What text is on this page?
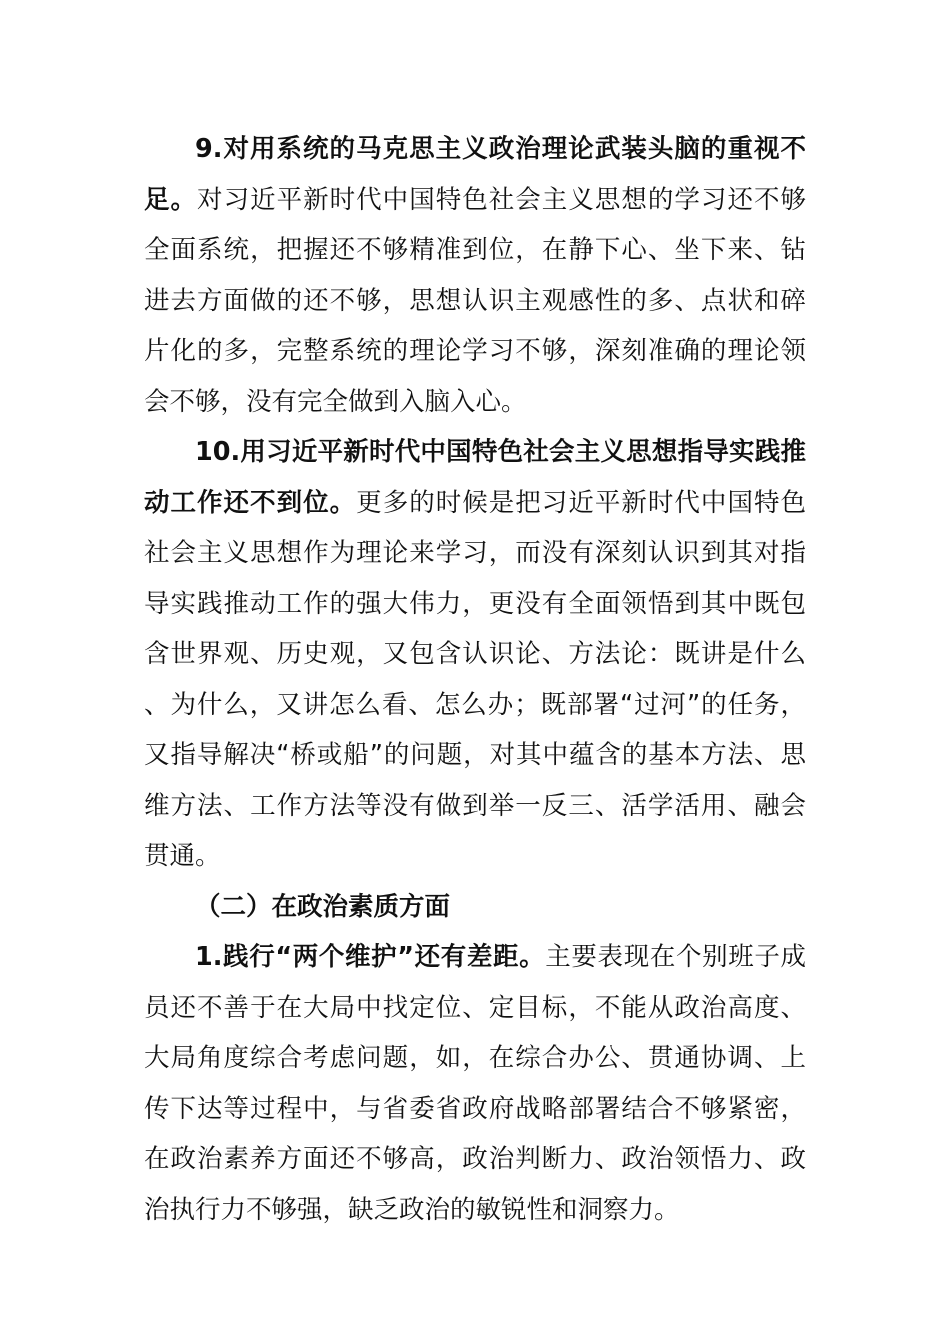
9.对用系统的马克思主义政治理论武装头脑的重视不足。对习近平新时代中国特色社会主义思想的学习还不够全面系统，把握还不够精准到位，在静下心、坐下来、钻进去方面做的还不够，思想认识主观感性的多、点状和碎片化的多，完整系统的理论学习不够，深刻准确的理论领会不够，没有完全做到入脑入心。

10.用习近平新时代中国特色社会主义思想指导实践推动工作还不到位。更多的时候是把习近平新时代中国特色社会主义思想作为理论来学习，而没有深刻认识到其对指导实践推动工作的强大伟力，更没有全面领悟到其中既包含世界观、历史观，又包含认识论、方法论：既讲是什么、为什么，又讲怎么看、怎么办；既部署“过河”的任务，又指导解决“桥或船”的问题，对其中蕴含的基本方法、思维方法、工作方法等没有做到举一反三、活学活用、融会贯通。

（二）在政治素质方面

1.践行“两个维护”还有差距。主要表现在个别班子成员还不善于在大局中找定位、定目标，不能从政治高度、大局角度综合考虑问题，如，在综合办公、贯通协调、上传下达等过程中，与省委省政府战略部署结合不够紧密，在政治素养方面还不够高，政治判断力、政治领悟力、政治执行力不够强，缺乏政治的敏锐性和洞察力。
